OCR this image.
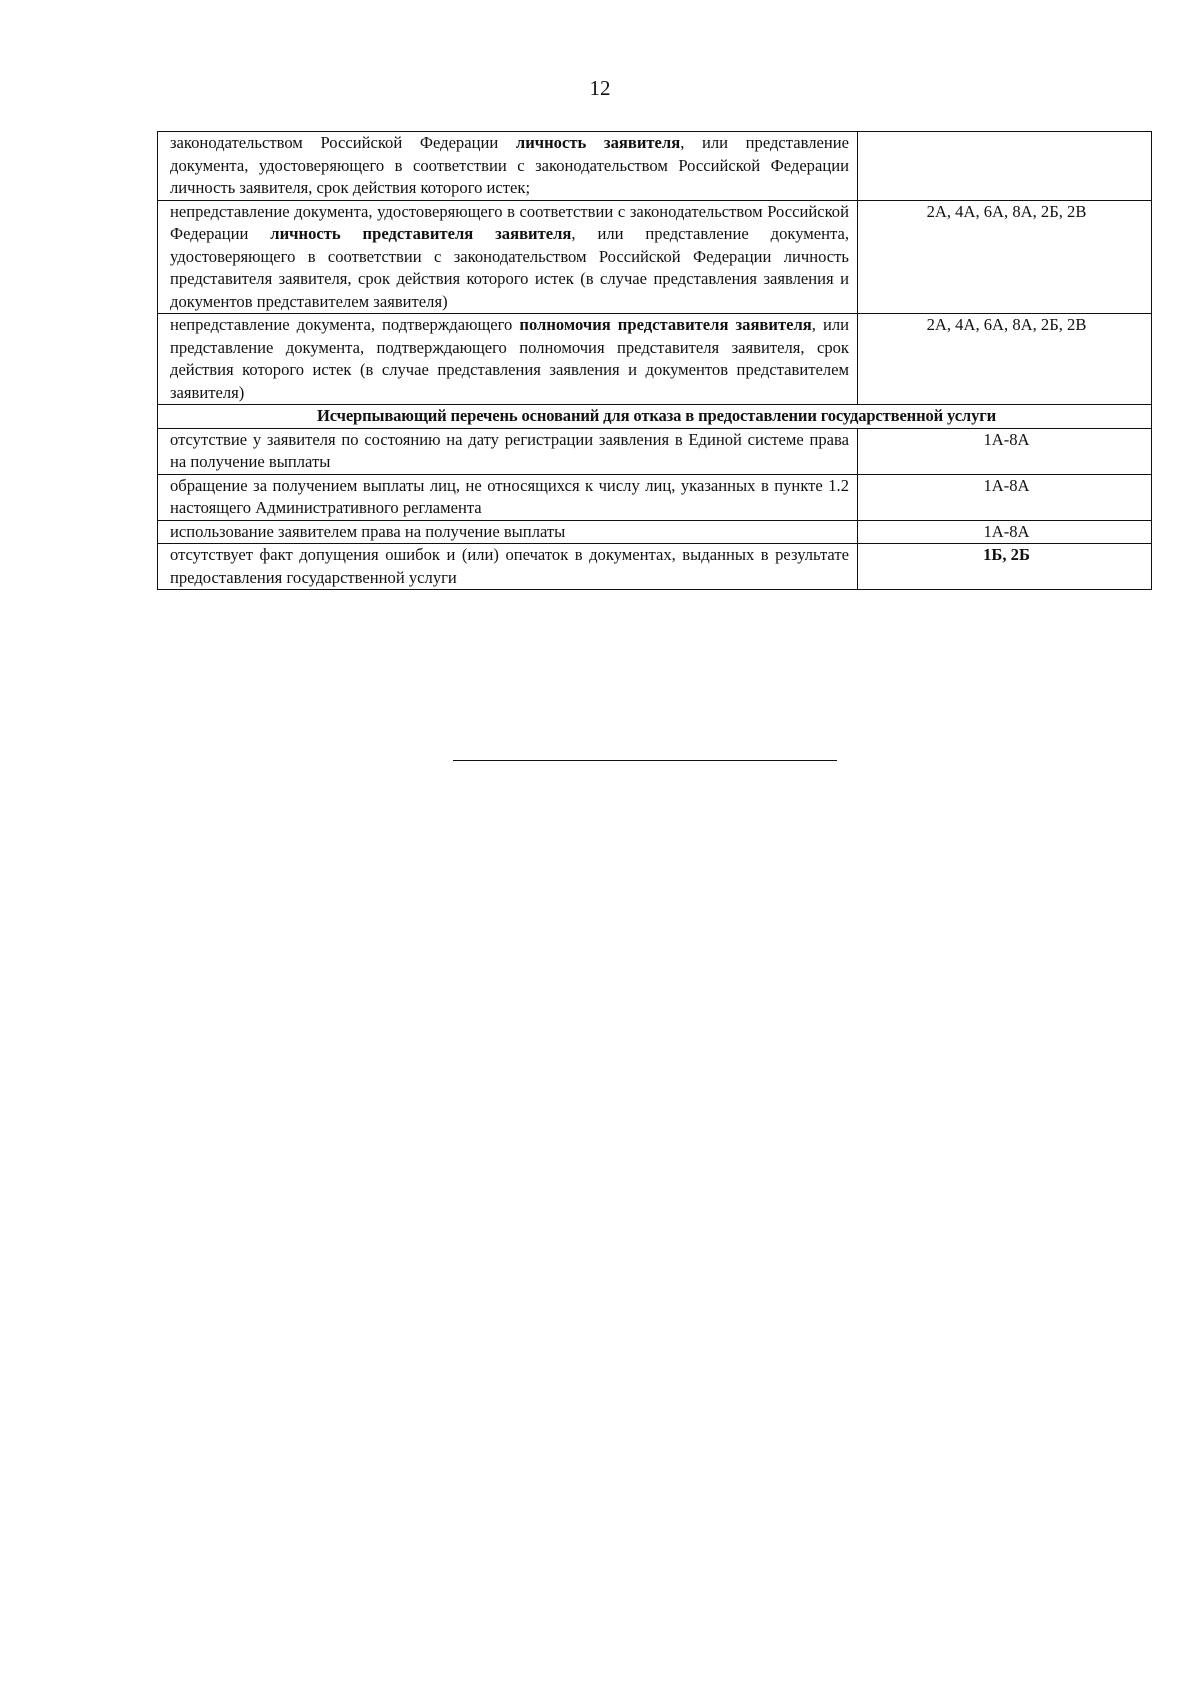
12
законодательством Российской Федерации личность заявителя, или представление документа, удостоверяющего в соответствии с законодательством Российской Федерации личность заявителя, срок действия которого истек;	
непредставление документа, удостоверяющего в соответствии с законодательством Российской Федерации личность представителя заявителя, или представление документа, удостоверяющего в соответствии с законодательством Российской Федерации личность представителя заявителя, срок действия которого истек (в случае представления заявления и документов представителем заявителя)	2А, 4А, 6А, 8А, 2Б, 2В
непредставление документа, подтверждающего полномочия представителя заявителя, или представление документа, подтверждающего полномочия представителя заявителя, срок действия которого истек (в случае представления заявления и документов представителем заявителя)	2А, 4А, 6А, 8А, 2Б, 2В
Исчерпывающий перечень оснований для отказа в предоставлении государственной услуги	
отсутствие у заявителя по состоянию на дату регистрации заявления в Единой системе права на получение выплаты	1А-8А
обращение за получением выплаты лиц, не относящихся к числу лиц, указанных в пункте 1.2 настоящего Административного регламента	1А-8А
использование заявителем права на получение выплаты	1А-8А
отсутствует факт допущения ошибок и (или) опечаток в документах, выданных в результате предоставления государственной услуги	1Б, 2Б
